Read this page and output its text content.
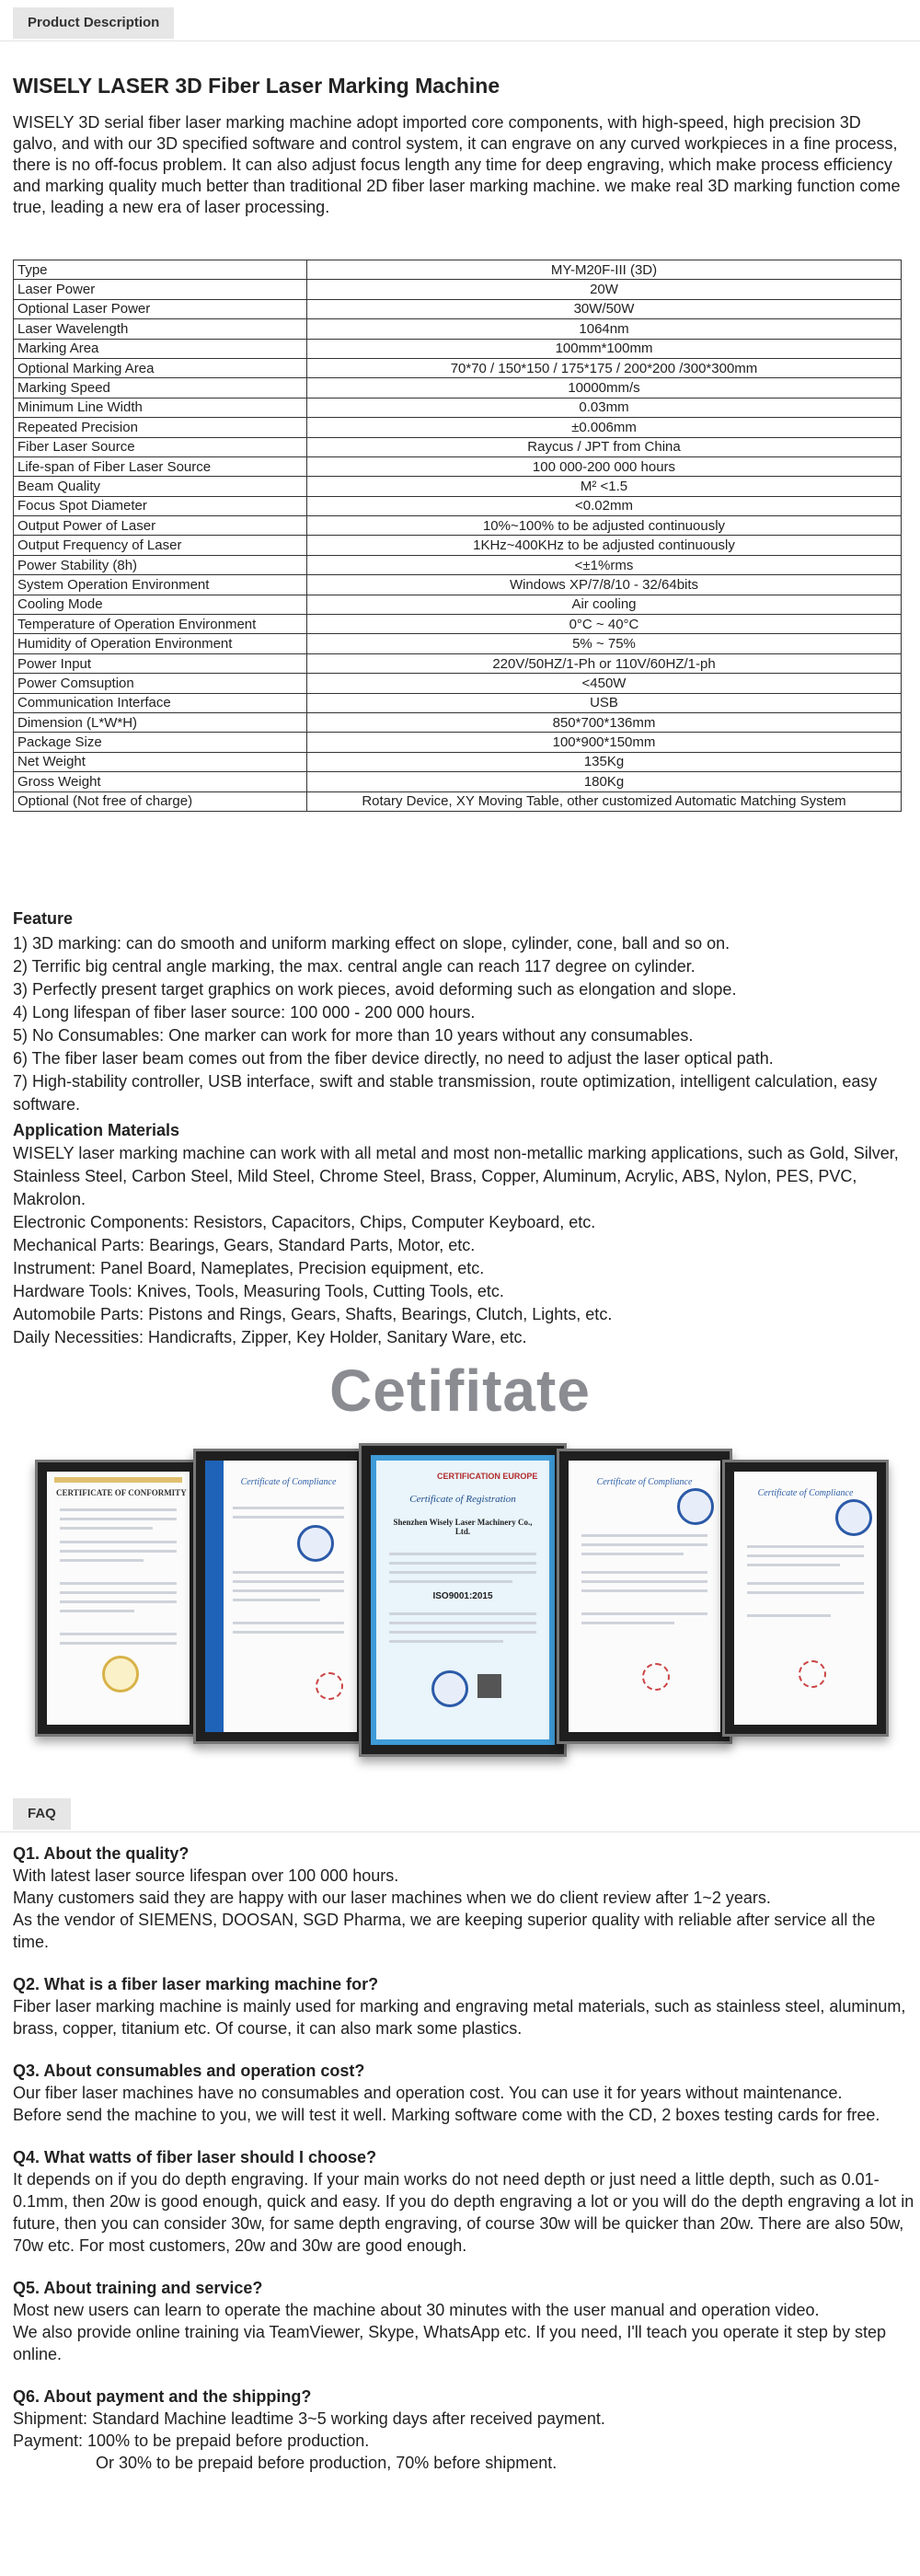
Product Description
WISELY LASER 3D Fiber Laser Marking Machine

WISELY 3D serial fiber laser marking machine adopt imported core components, with high-speed, high precision 3D galvo, and with our 3D specified software and control system, it can engrave on any curved workpieces in a fine process, there is no off-focus problem. It can also adjust focus length any time for deep engraving, which make process efficiency and marking quality much better than traditional 2D fiber laser marking machine. we make real 3D marking function come true, leading a new era of laser processing.

Type	MY-M20F-III (3D)
Laser Power	20W
Optional Laser Power	30W/50W
Laser Wavelength	1064nm
Marking Area	100mm*100mm
Optional Marking Area	70*70 / 150*150 / 175*175 / 200*200 /300*300mm
Marking Speed	10000mm/s
Minimum Line Width	0.03mm
Repeated Precision	±0.006mm
Fiber Laser Source	Raycus / JPT from China
Life-span of Fiber Laser Source	100 000-200 000 hours
Beam Quality	M² <1.5
Focus Spot Diameter	<0.02mm
Output Power of Laser	10%~100% to be adjusted continuously
Output Frequency of Laser	1KHz~400KHz to be adjusted continuously
Power Stability (8h)	<±1%rms
System Operation Environment	Windows XP/7/8/10 - 32/64bits
Cooling Mode	Air cooling
Temperature of Operation Environment	0°C ~ 40°C
Humidity of Operation Environment	5% ~ 75%
Power Input	220V/50HZ/1-Ph or 110V/60HZ/1-ph
Power Comsuption	<450W
Communication Interface	USB
Dimension (L*W*H)	850*700*136mm
Package Size	100*900*150mm
Net Weight	135Kg
Gross Weight	180Kg
Optional (Not free of charge)	Rotary Device, XY Moving Table, other customized Automatic Matching System
Feature

1) 3D marking: can do smooth and uniform marking effect on slope, cylinder, cone, ball and so on.

2) Terrific big central angle marking, the max. central angle can reach 117 degree on cylinder.

3) Perfectly present target graphics on work pieces, avoid deforming such as elongation and slope.

4) Long lifespan of fiber laser source: 100 000 - 200 000 hours.

5) No Consumables: One marker can work for more than 10 years without any consumables.

6) The fiber laser beam comes out from the fiber device directly, no need to adjust the laser optical path.

7) High-stability controller, USB interface, swift and stable transmission, route optimization, intelligent calculation, easy software.

Application Materials

WISELY laser marking machine can work with all metal and most non-metallic marking applications, such as Gold, Silver, Stainless Steel, Carbon Steel, Mild Steel, Chrome Steel, Brass, Copper, Aluminum, Acrylic, ABS, Nylon, PES, PVC, Makrolon.

Electronic Components: Resistors, Capacitors, Chips, Computer Keyboard, etc.

Mechanical Parts: Bearings, Gears, Standard Parts, Motor, etc.

Instrument: Panel Board, Nameplates, Precision equipment, etc.

Hardware Tools: Knives, Tools, Measuring Tools, Cutting Tools, etc.

Automobile Parts: Pistons and Rings, Gears, Shafts, Bearings, Clutch, Lights, etc.

Daily Necessities: Handicrafts, Zipper, Key Holder, Sanitary Ware, etc.

Cetifitate
CERTIFICATE OF CONFORMITY
Certificate of Compliance
CERTIFICATION EUROPE
Certificate of Registration
Shenzhen Wisely Laser Machinery Co., Ltd.
ISO9001:2015
Certificate of Compliance
Certificate of Compliance
FAQ

Q1. About the quality?

With latest laser source lifespan over 100 000 hours.

Many customers said they are happy with our laser machines when we do client review after 1~2 years.

As the vendor of SIEMENS, DOOSAN, SGD Pharma, we are keeping superior quality with reliable after service all the time.

Q2. What is a fiber laser marking machine for?

Fiber laser marking machine is mainly used for marking and engraving metal materials, such as stainless steel, aluminum, brass, copper, titanium etc. Of course, it can also mark some plastics.

Q3. About consumables and operation cost?

Our fiber laser machines have no consumables and operation cost. You can use it for years without maintenance.

Before send the machine to you, we will test it well. Marking software come with the CD, 2 boxes testing cards for free.

Q4. What watts of fiber laser should I choose?

It depends on if you do depth engraving. If your main works do not need depth or just need a little depth, such as 0.01-0.1mm, then 20w is good enough, quick and easy. If you do depth engraving a lot or you will do the depth engraving a lot in future, then you can consider 30w, for same depth engraving, of course 30w will be quicker than 20w. There are also 50w, 70w etc. For most customers, 20w and 30w are good enough.

Q5. About training and service?

Most new users can learn to operate the machine about 30 minutes with the user manual and operation video.

We also provide online training via TeamViewer, Skype, WhatsApp etc. If you need, I'll teach you operate it step by step online.

Q6. About payment and the shipping?

Shipment: Standard Machine leadtime 3~5 working days after received payment.

Payment: 100% to be prepaid before production.

Or 30% to be prepaid before production, 70% before shipment.
